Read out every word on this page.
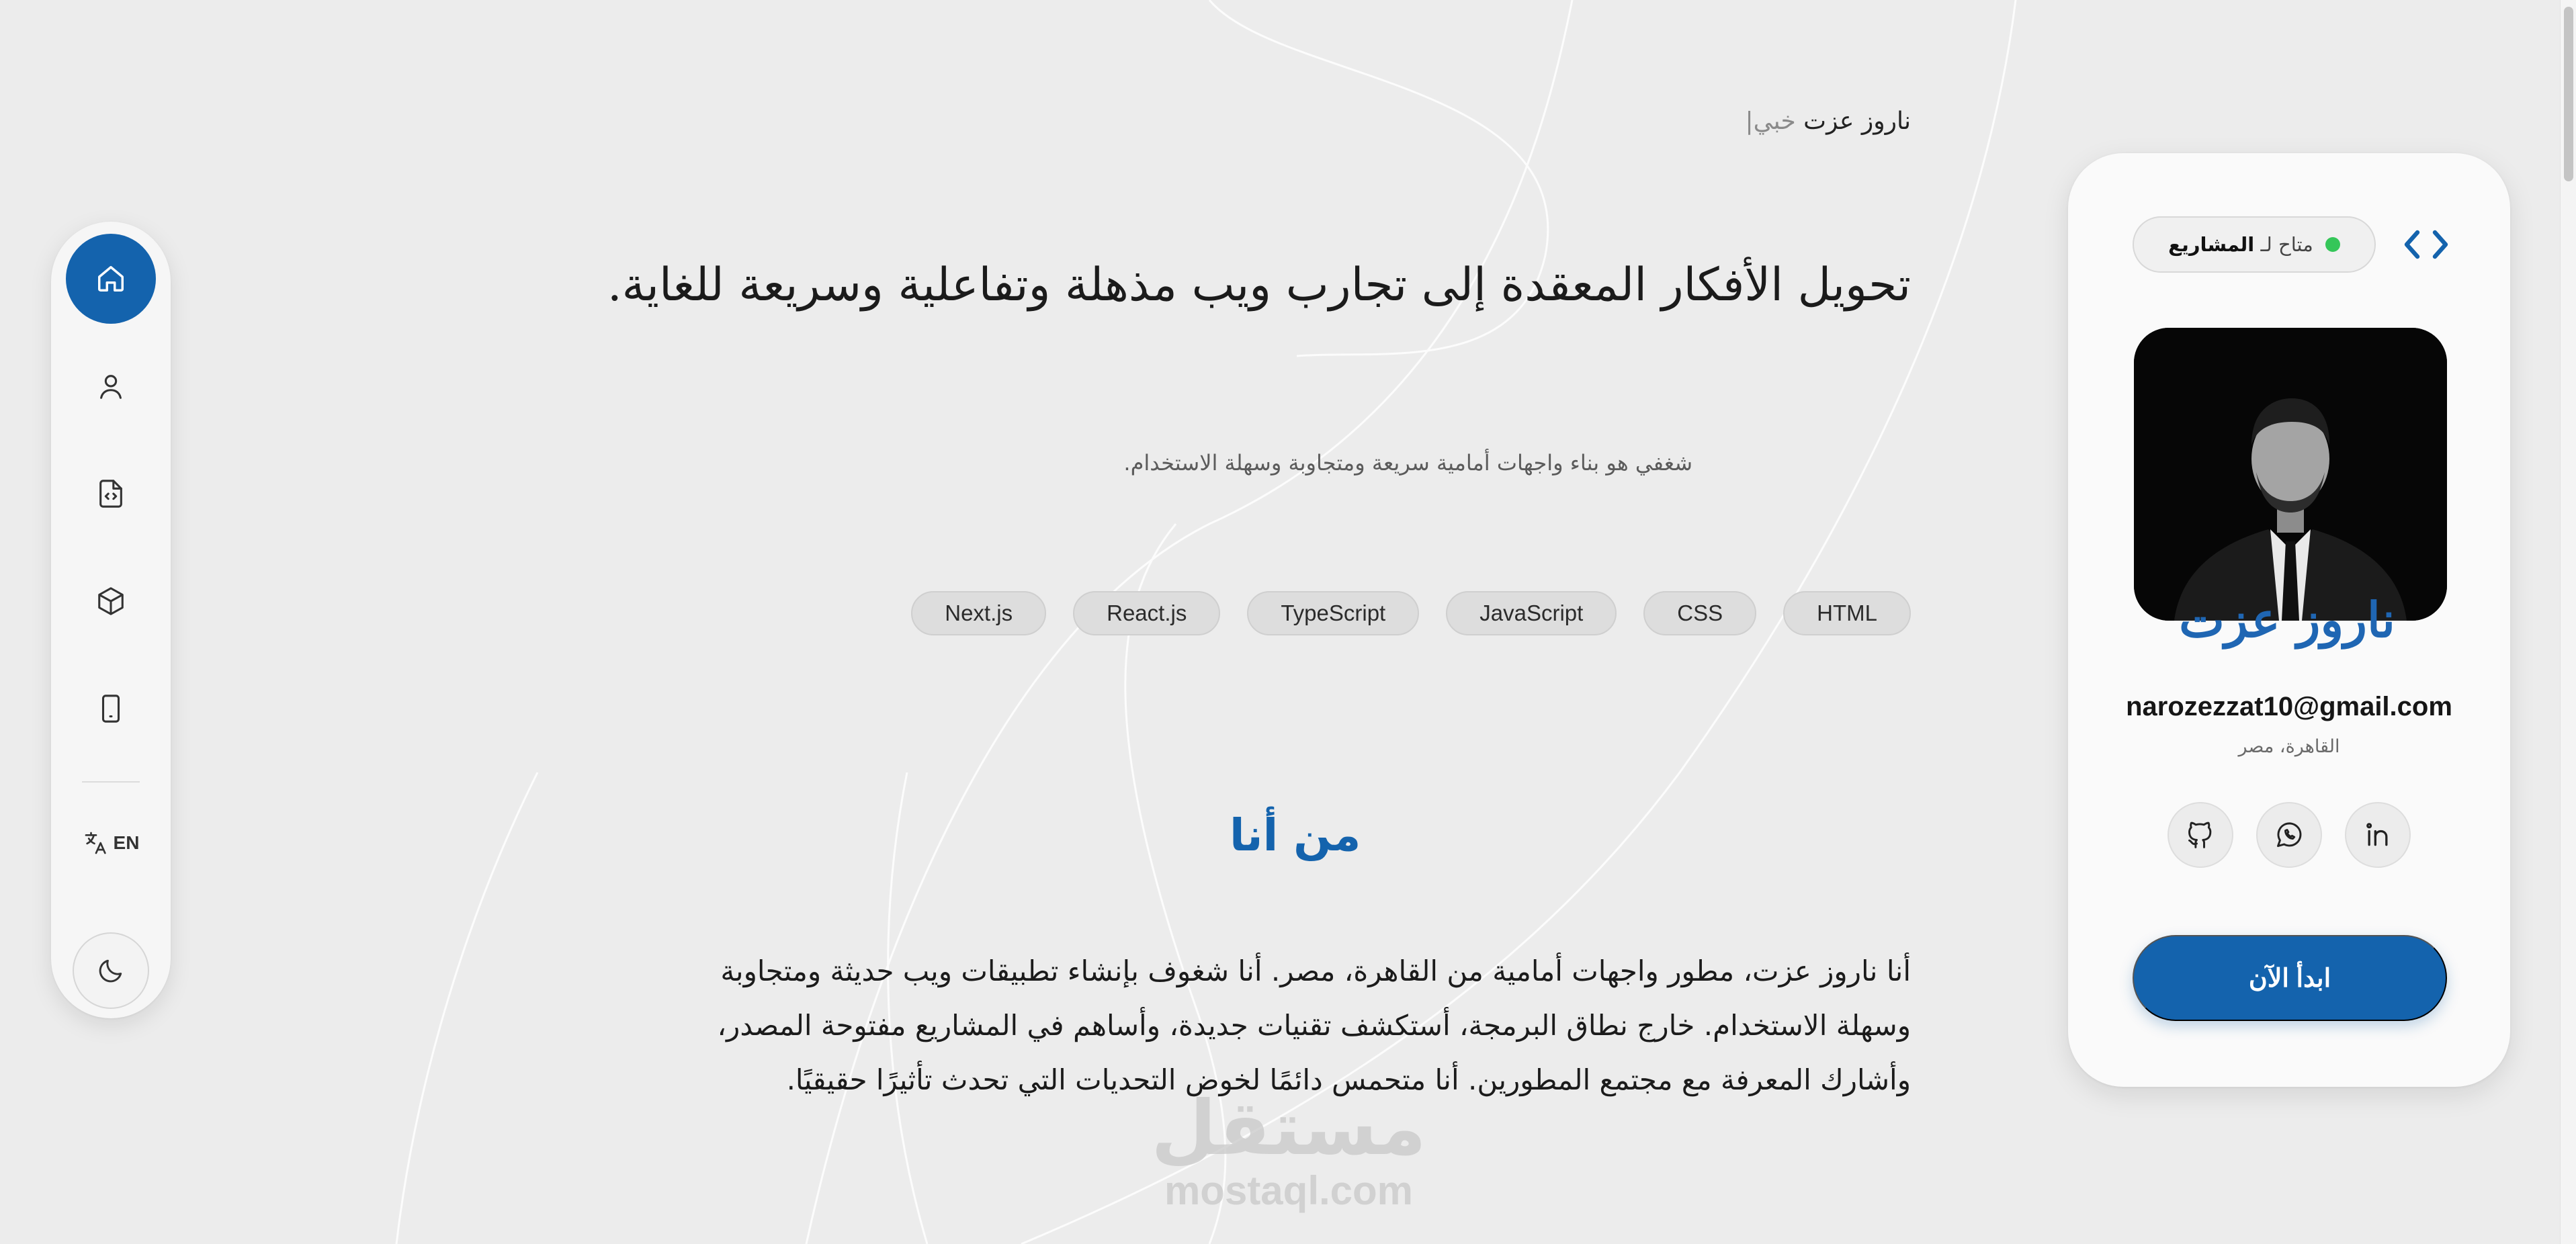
EN
ناروز عزت خبي|
تحويل الأفكار المعقدة إلى تجارب ويب مذهلة وتفاعلية وسريعة للغاية.

شغفي هو بناء واجهات أمامية سريعة ومتجاوبة وسهلة الاستخدام.

HTML
CSS
JavaScript
TypeScript
React.js
Next.js
من أنا

أنا ناروز عزت، مطور واجهات أمامية من القاهرة، مصر. أنا شغوف بإنشاء تطبيقات ويب حديثة ومتجاوبة وسهلة الاستخدام. خارج نطاق البرمجة، أستكشف تقنيات جديدة، وأساهم في المشاريع مفتوحة المصدر، وأشارك المعرفة مع مجتمع المطورين. أنا متحمس دائمًا لخوض التحديات التي تحدث تأثيرًا حقيقيًا.

مستقل
mostaql.com
متاح لـ المشاريع
ناروز عزت
narozezzat10@gmail.com
القاهرة، مصر
ابدأ الآن
